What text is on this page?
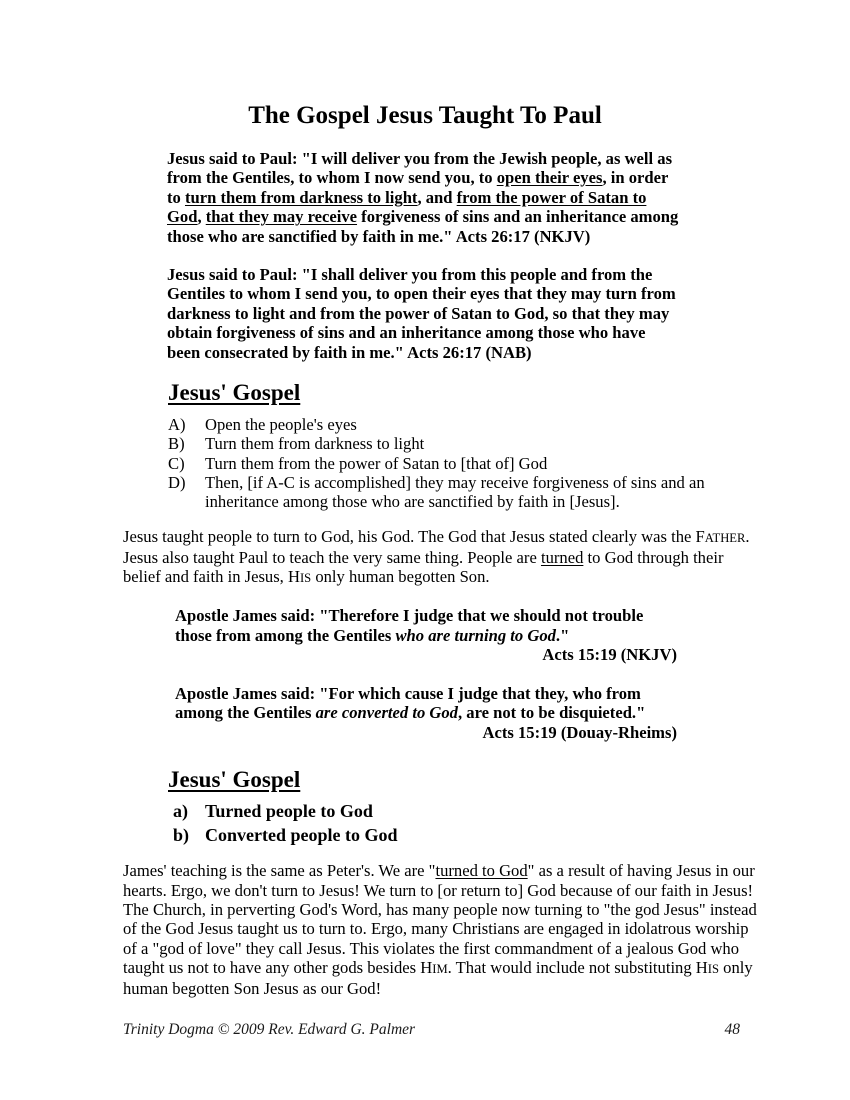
The Gospel Jesus Taught To Paul
Jesus said to Paul: "I will deliver you from the Jewish people, as well as from the Gentiles, to whom I now send you, to open their eyes, in order to turn them from darkness to light, and from the power of Satan to God, that they may receive forgiveness of sins and an inheritance among those who are sanctified by faith in me." Acts 26:17 (NKJV)
Jesus said to Paul: "I shall deliver you from this people and from the Gentiles to whom I send you, to open their eyes that they may turn from darkness to light and from the power of Satan to God, so that they may obtain forgiveness of sins and an inheritance among those who have been consecrated by faith in me." Acts 26:17 (NAB)
Jesus' Gospel
A) Open the people's eyes
B) Turn them from darkness to light
C) Turn them from the power of Satan to [that of] God
D) Then, [if A-C is accomplished] they may receive forgiveness of sins and an inheritance among those who are sanctified by faith in [Jesus].

Jesus taught people to turn to God, his God. The God that Jesus stated clearly was the FATHER. Jesus also taught Paul to teach the very same thing. People are turned to God through their belief and faith in Jesus, HIS only human begotten Son.

Apostle James said: "Therefore I judge that we should not trouble those from among the Gentiles who are turning to God."
Acts 15:19 (NKJV)
Apostle James said: "For which cause I judge that they, who from among the Gentiles are converted to God, are not to be disquieted."
Acts 15:19 (Douay-Rheims)
Jesus' Gospel
a) Turned people to God
b) Converted people to God

James' teaching is the same as Peter's. We are "turned to God" as a result of having Jesus in our hearts. Ergo, we don't turn to Jesus! We turn to [or return to] God because of our faith in Jesus! The Church, in perverting God's Word, has many people now turning to "the god Jesus" instead of the God Jesus taught us to turn to. Ergo, many Christians are engaged in idolatrous worship of a "god of love" they call Jesus. This violates the first commandment of a jealous God who taught us not to have any other gods besides HIM. That would include not substituting HIS only human begotten Son Jesus as our God!

Trinity Dogma © 2009 Rev. Edward G. Palmer	48
